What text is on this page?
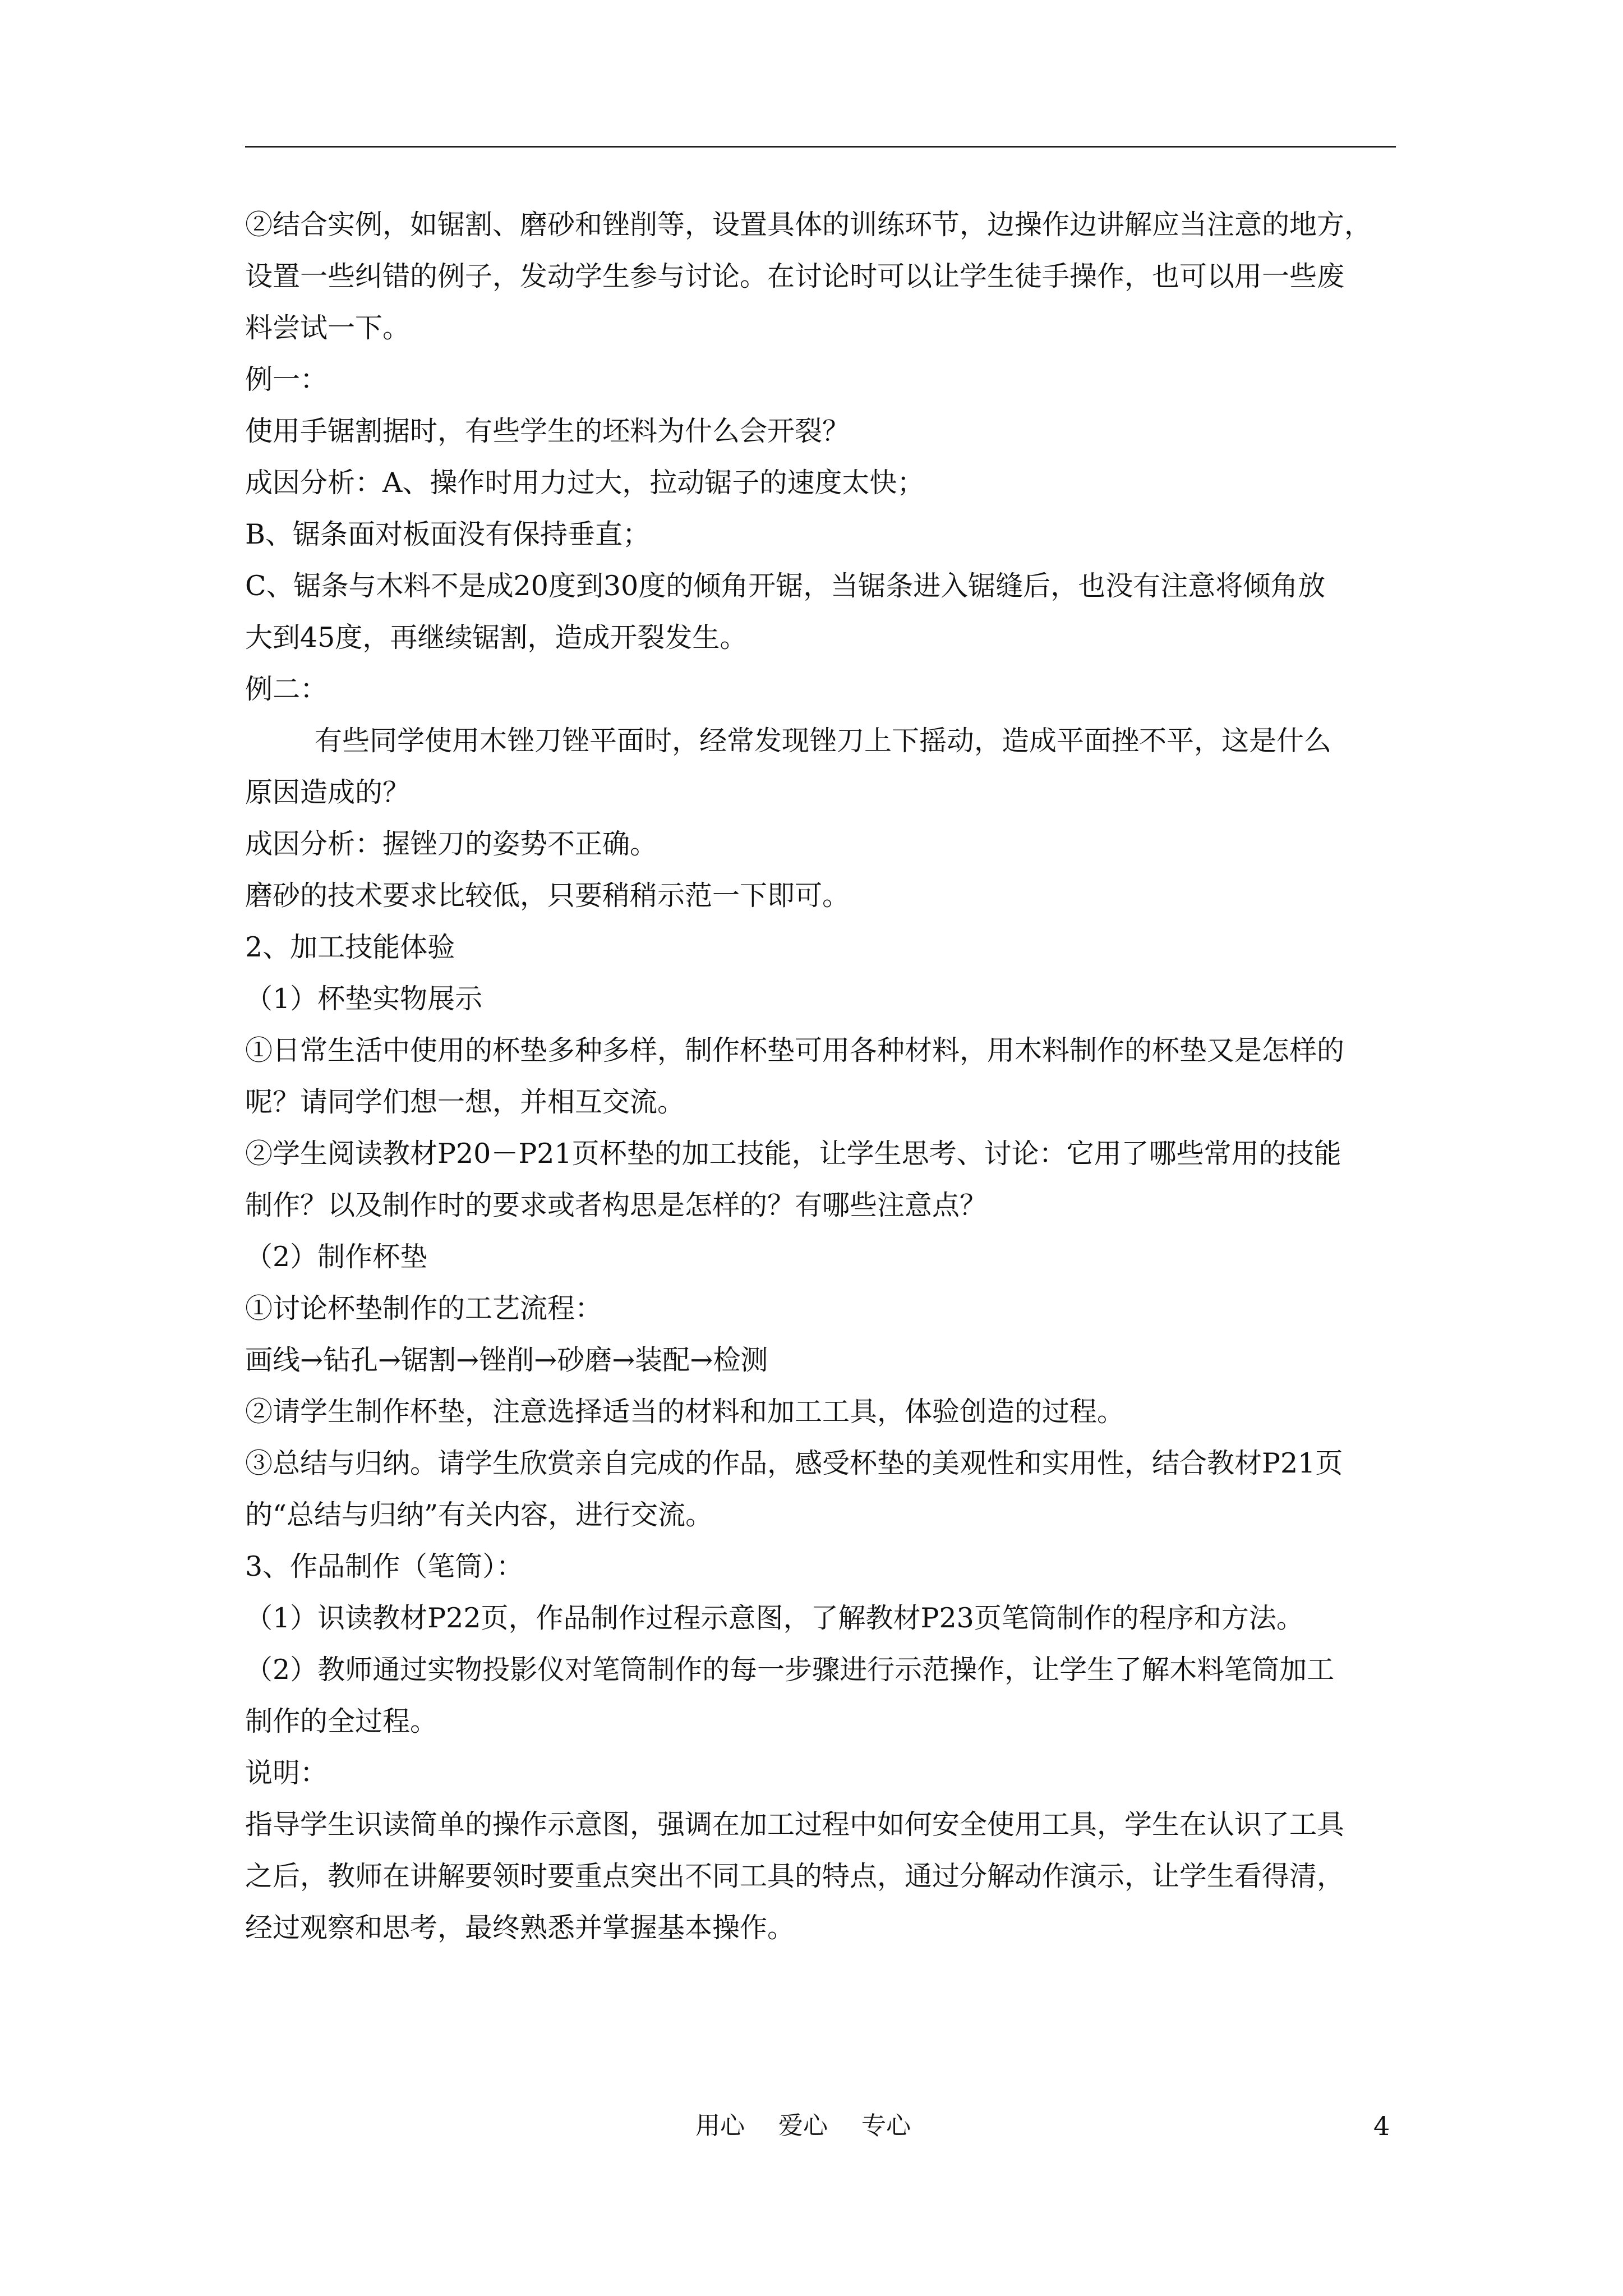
②结合实例，如锯割、磨砂和锉削等，设置具体的训练环节，边操作边讲解应当注意的地方，
设置一些纠错的例子，发动学生参与讨论。在讨论时可以让学生徒手操作，也可以用一些废
料尝试一下。
例一：
使用手锯割据时，有些学生的坯料为什么会开裂？
成因分析：A、操作时用力过大，拉动锯子的速度太快；
B、锯条面对板面没有保持垂直；
C、锯条与木料不是成20度到30度的倾角开锯，当锯条进入锯缝后，也没有注意将倾角放
大到45度，再继续锯割，造成开裂发生。
例二：
有些同学使用木锉刀锉平面时，经常发现锉刀上下摇动，造成平面挫不平，这是什么
原因造成的？
成因分析：握锉刀的姿势不正确。
磨砂的技术要求比较低，只要稍稍示范一下即可。
2、加工技能体验
（1）杯垫实物展示
①日常生活中使用的杯垫多种多样，制作杯垫可用各种材料，用木料制作的杯垫又是怎样的
呢？请同学们想一想，并相互交流。
②学生阅读教材P20－P21页杯垫的加工技能，让学生思考、讨论：它用了哪些常用的技能
制作？以及制作时的要求或者构思是怎样的？有哪些注意点？
（2）制作杯垫
①讨论杯垫制作的工艺流程：
画线→钻孔→锯割→锉削→砂磨→装配→检测
②请学生制作杯垫，注意选择适当的材料和加工工具，体验创造的过程。
③总结与归纳。请学生欣赏亲自完成的作品，感受杯垫的美观性和实用性，结合教材P21页
的“总结与归纳”有关内容，进行交流。
3、作品制作（笔筒）：
（1）识读教材P22页，作品制作过程示意图，了解教材P23页笔筒制作的程序和方法。
（2）教师通过实物投影仪对笔筒制作的每一步骤进行示范操作，让学生了解木料笔筒加工
制作的全过程。
说明：
指导学生识读简单的操作示意图，强调在加工过程中如何安全使用工具，学生在认识了工具
之后，教师在讲解要领时要重点突出不同工具的特点，通过分解动作演示，让学生看得清，
经过观察和思考，最终熟悉并掌握基本操作。
用心 爱心 专心	4
